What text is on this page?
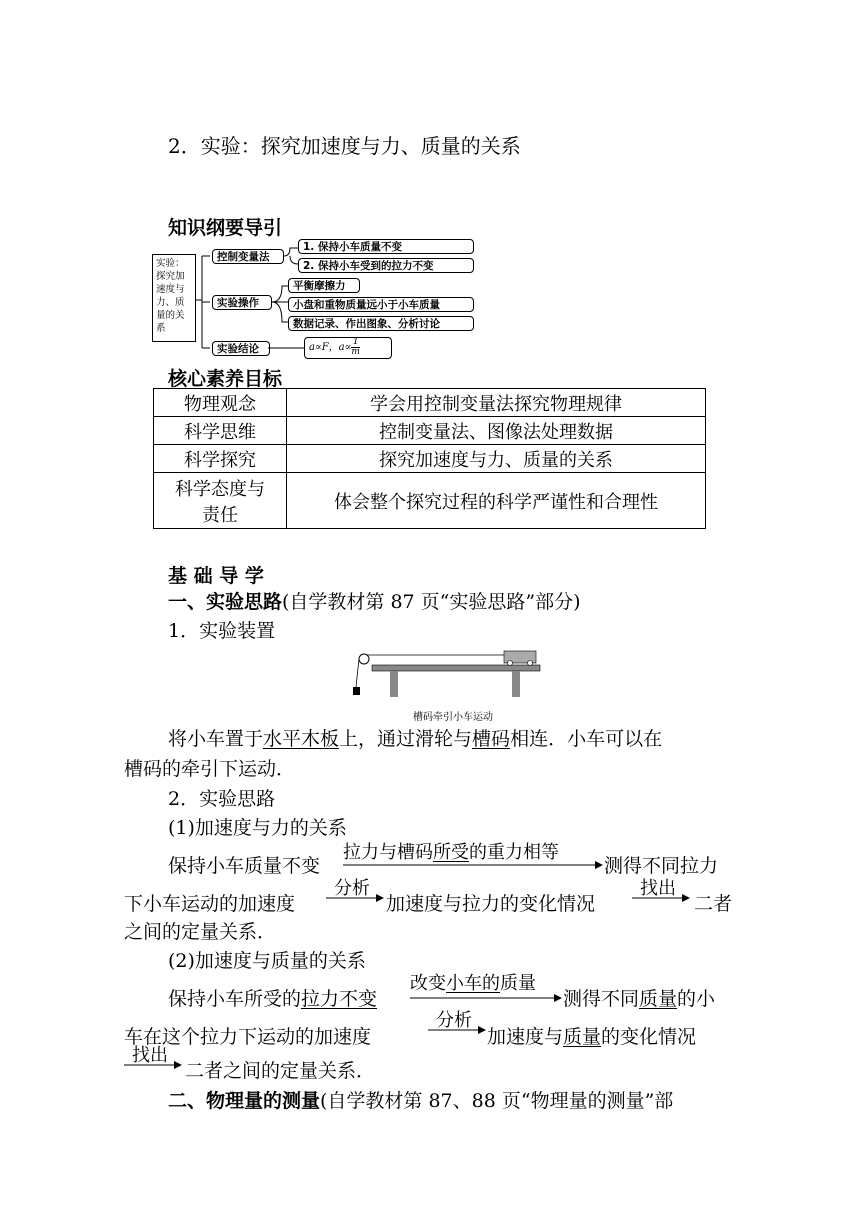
2．实验：探究加速度与力、质量的关系
知识纲要导引
实验：
探究加
速度与
力、质
量的关
系
控制变量法
1. 保持小车质量不变
2. 保持小车受到的拉力不变
实验操作
平衡摩擦力
小盘和重物质量远小于小车质量
数据记录、作出图象、分析讨论
实验结论	a∝F，$a\propto \frac{1}{m}$
核心素养目标
物理观念	学会用控制变量法探究物理规律
科学思维	控制变量法、图像法处理数据
科学探究	探究加速度与力、质量的关系

科学态度与
责任	体会整个探究过程的科学严谨性和合理性
基 础 导 学
一、实验思路(自学教材第 87 页“实验思路”部分)
1．实验装置
槽码牵引小车运动
将小车置于水平木板上，通过滑轮与槽码相连．小车可以在
槽码的牵引下运动．
2．实验思路
(1)加速度与力的关系
保持小车质量不变
拉力与槽码所受的重力相等
测得不同拉力
下小车运动的加速度
分析
加速度与拉力的变化情况
找出
二者
之间的定量关系．
(2)加速度与质量的关系
保持小车所受的拉力不变
改变小车的质量
测得不同质量的小
车在这个拉力下运动的加速度
分析
加速度与质量的变化情况
找出
二者之间的定量关系．
二、物理量的测量(自学教材第 87、88 页“物理量的测量”部
